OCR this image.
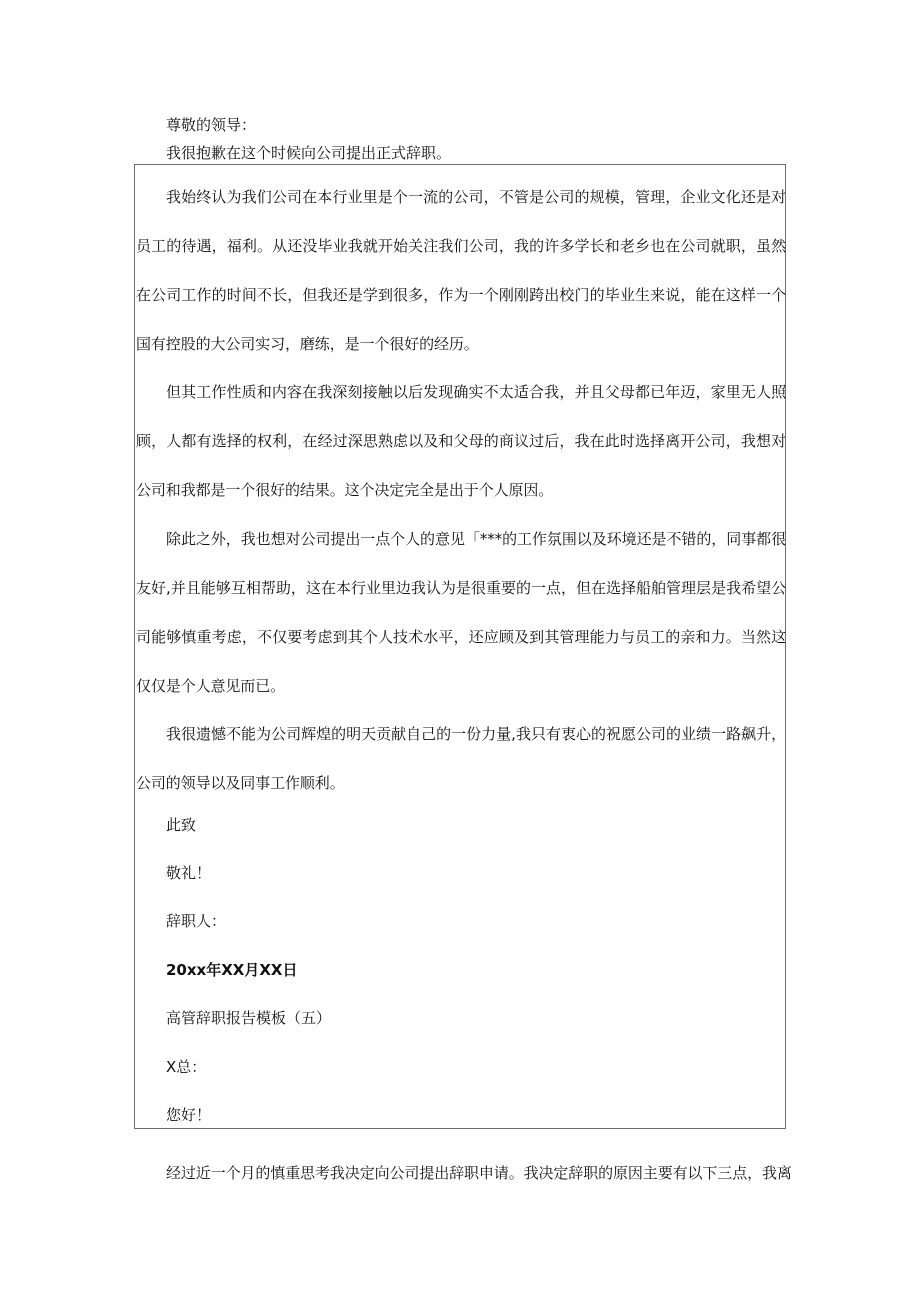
尊敬的领导：

我很抱歉在这个时候向公司提出正式辞职。

我始终认为我们公司在本行业里是个一流的公司，不管是公司的规模，管理，企业文化还是对员工的待遇，福利。从还没毕业我就开始关注我们公司，我的许多学长和老乡也在公司就职，虽然在公司工作的时间不长，但我还是学到很多，作为一个刚刚跨出校门的毕业生来说，能在这样一个国有控股的大公司实习，磨练，是一个很好的经历。

但其工作性质和内容在我深刻接触以后发现确实不太适合我，并且父母都已年迈，家里无人照顾，人都有选择的权利，在经过深思熟虑以及和父母的商议过后，我在此时选择离开公司，我想对公司和我都是一个很好的结果。这个决定完全是出于个人原因。

除此之外，我也想对公司提出一点个人的意见「***的工作氛围以及环境还是不错的，同事都很友好,并且能够互相帮助，这在本行业里边我认为是很重要的一点，但在选择船舶管理层是我希望公司能够慎重考虑，不仅要考虑到其个人技术水平，还应顾及到其管理能力与员工的亲和力。当然这仅仅是个人意见而已。

我很遗憾不能为公司辉煌的明天贡献自己的一份力量,我只有衷心的祝愿公司的业绩一路飙升，公司的领导以及同事工作顺利。

此致

敬礼！

辞职人：

20xx年XX月XX日

高管辞职报告模板（五）

X总：

您好！

经过近一个月的慎重思考我决定向公司提出辞职申请。我决定辞职的原因主要有以下三点，我离
